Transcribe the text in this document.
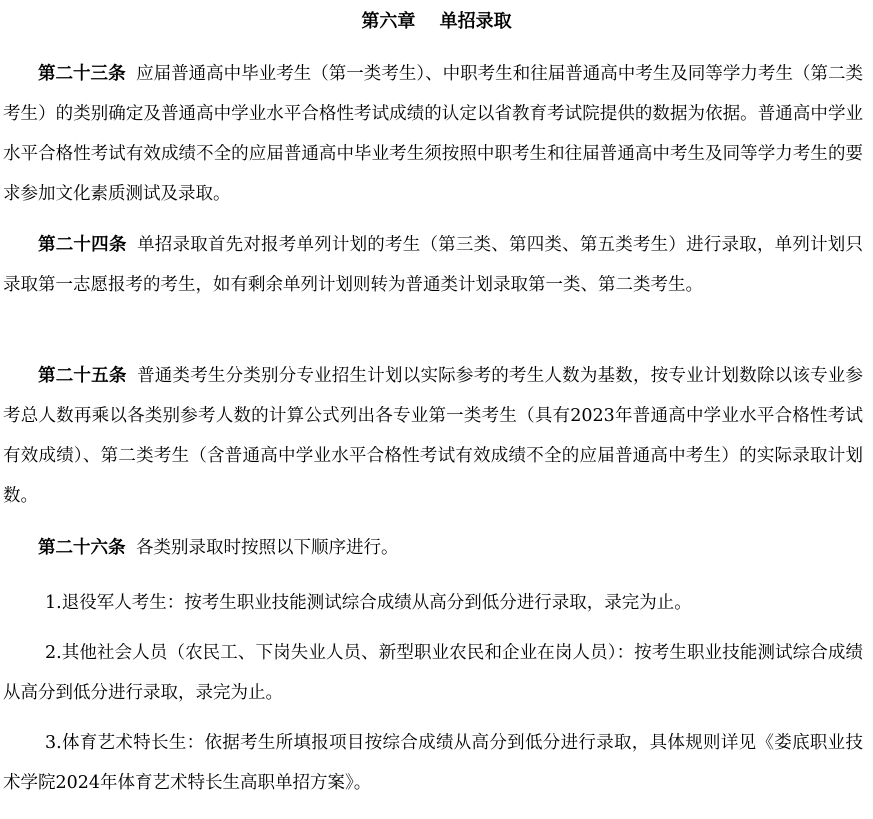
第六章　 单招录取

第二十三条 应届普通高中毕业考生（第一类考生）、中职考生和往届普通高中考生及同等学力考生（第二类考生）的类别确定及普通高中学业水平合格性考试成绩的认定以省教育考试院提供的数据为依据。普通高中学业水平合格性考试有效成绩不全的应届普通高中毕业考生须按照中职考生和往届普通高中考生及同等学力考生的要求参加文化素质测试及录取。

第二十四条 单招录取首先对报考单列计划的考生（第三类、第四类、第五类考生）进行录取，单列计划只录取第一志愿报考的考生，如有剩余单列计划则转为普通类计划录取第一类、第二类考生。

第二十五条 普通类考生分类别分专业招生计划以实际参考的考生人数为基数，按专业计划数除以该专业参考总人数再乘以各类别参考人数的计算公式列出各专业第一类考生（具有2023年普通高中学业水平合格性考试有效成绩）、第二类考生（含普通高中学业水平合格性考试有效成绩不全的应届普通高中考生）的实际录取计划数。

第二十六条 各类别录取时按照以下顺序进行。

1.退役军人考生：按考生职业技能测试综合成绩从高分到低分进行录取，录完为止。

2.其他社会人员（农民工、下岗失业人员、新型职业农民和企业在岗人员）：按考生职业技能测试综合成绩从高分到低分进行录取，录完为止。

3.体育艺术特长生：依据考生所填报项目按综合成绩从高分到低分进行录取，具体规则详见《娄底职业技术学院2024年体育艺术特长生高职单招方案》。
